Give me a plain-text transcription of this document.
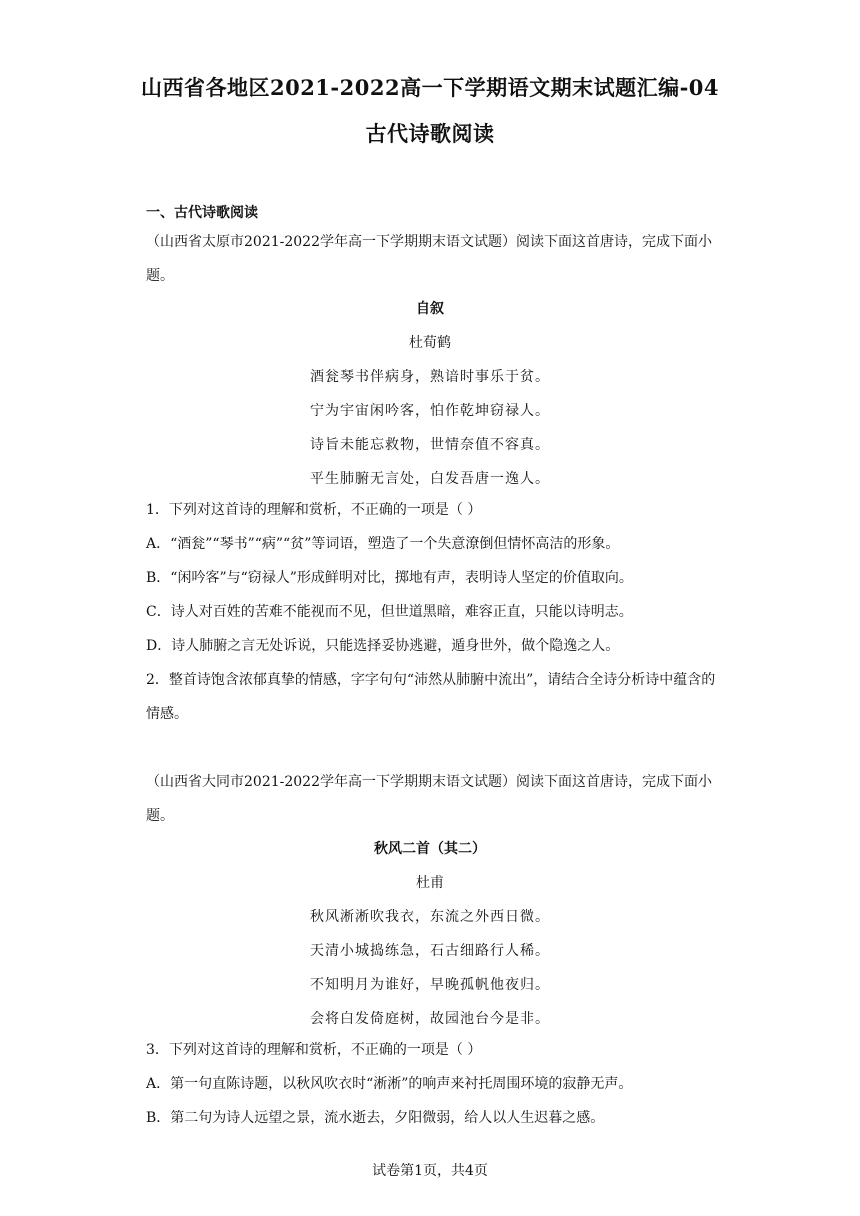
山西省各地区2021-2022高一下学期语文期末试题汇编-04
古代诗歌阅读
一、古代诗歌阅读
（山西省太原市2021-2022学年高一下学期期末语文试题）阅读下面这首唐诗，完成下面小题。
自叙
杜荀鹤
酒瓮琴书伴病身，熟谙时事乐于贫。
宁为宇宙闲吟客，怕作乾坤窃禄人。
诗旨未能忘救物，世情奈值不容真。
平生肺腑无言处，白发吾唐一逸人。
1．下列对这首诗的理解和赏析，不正确的一项是（ ）
A．“酒瓮”“琴书”“病”“贫”等词语，塑造了一个失意潦倒但情怀高洁的形象。
B．“闲吟客”与“窃禄人”形成鲜明对比，掷地有声，表明诗人坚定的价值取向。
C．诗人对百姓的苦难不能视而不见，但世道黑暗，难容正直，只能以诗明志。
D．诗人肺腑之言无处诉说，只能选择妥协逃避，遁身世外，做个隐逸之人。
2．整首诗饱含浓郁真挚的情感，字字句句“沛然从肺腑中流出”，请结合全诗分析诗中蕴含的情感。
（山西省大同市2021-2022学年高一下学期期末语文试题）阅读下面这首唐诗，完成下面小题。
秋风二首（其二）
杜甫
秋风淅淅吹我衣，东流之外西日微。
天清小城捣练急，石古细路行人稀。
不知明月为谁好，早晚孤帆他夜归。
会将白发倚庭树，故园池台今是非。
3．下列对这首诗的理解和赏析，不正确的一项是（ ）
A．第一句直陈诗题，以秋风吹衣时“淅淅”的响声来衬托周围环境的寂静无声。
B．第二句为诗人远望之景，流水逝去，夕阳微弱，给人以人生迟暮之感。
试卷第1页，共4页
